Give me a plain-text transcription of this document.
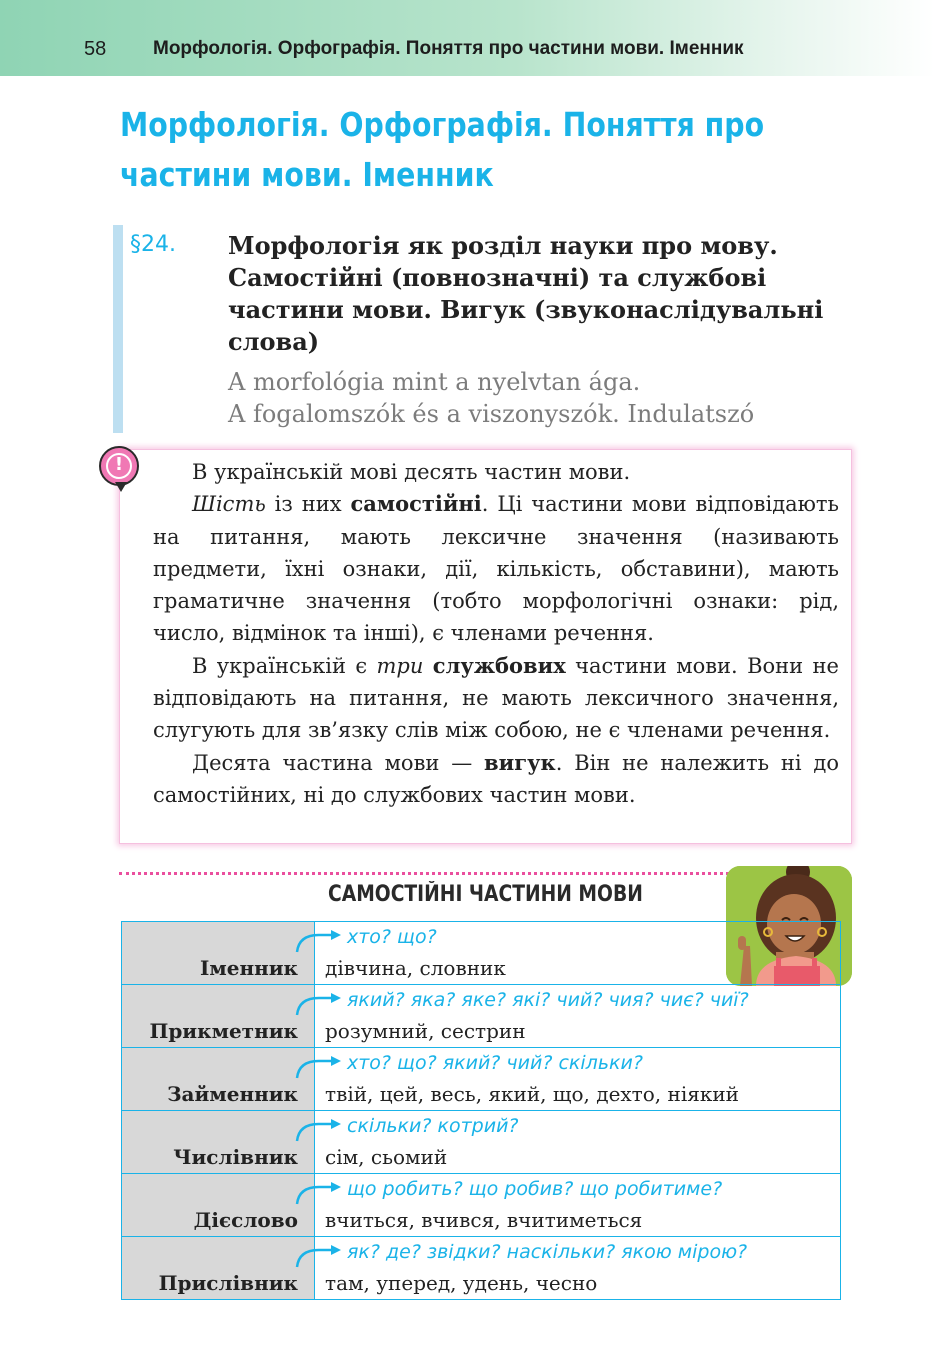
58 Морфологія. Орфографія. Поняття про частини мови. Іменник
Морфологія. Орфографія. Поняття про частини мови. Іменник
§24. Морфологія як розділ науки про мову. Самостійні (повнозначні) та службові частини мови. Вигук (звуконаслідувальні слова)
A morfológia mint a nyelvtan ága.
A fogalomszók és a viszonyszók. Indulatszó
!	В українській мові десять частин мови.

Шість із них самостійні. Ці частини мови відповідають на питання, мають лексичне значення (називають предмети, їхні ознаки, дії, кількість, обставини), мають граматичне значення (тобто морфологічні ознаки: рід, число, відмінок та інші), є членами речення.

В українській є три службових частини мови. Вони не відповідають на питання, не мають лексичного значення, слугують для зв’язку слів між собою, не є членами речення.

Десята частина мови — вигук. Він не належить ні до самостійних, ні до службових частин мови.

САМОСТІЙНІ ЧАСТИНИ МОВИ
Іменник	хто? що?
дівчина, словник
Прикметник	який? яка? яке? які? чий? чия? чиє? чиї?
розумний, сестрин
Займенник	хто? що? який? чий? скільки?
твій, цей, весь, який, що, дехто, ніякий
Числівник	скільки? котрий?
сім, сьомий
Дієслово	що робить? що робив? що робитиме?
вчиться, вчився, вчитиметься
Прислівник	як? де? звідки? наскільки? якою мірою?
там, уперед, удень, чесно
